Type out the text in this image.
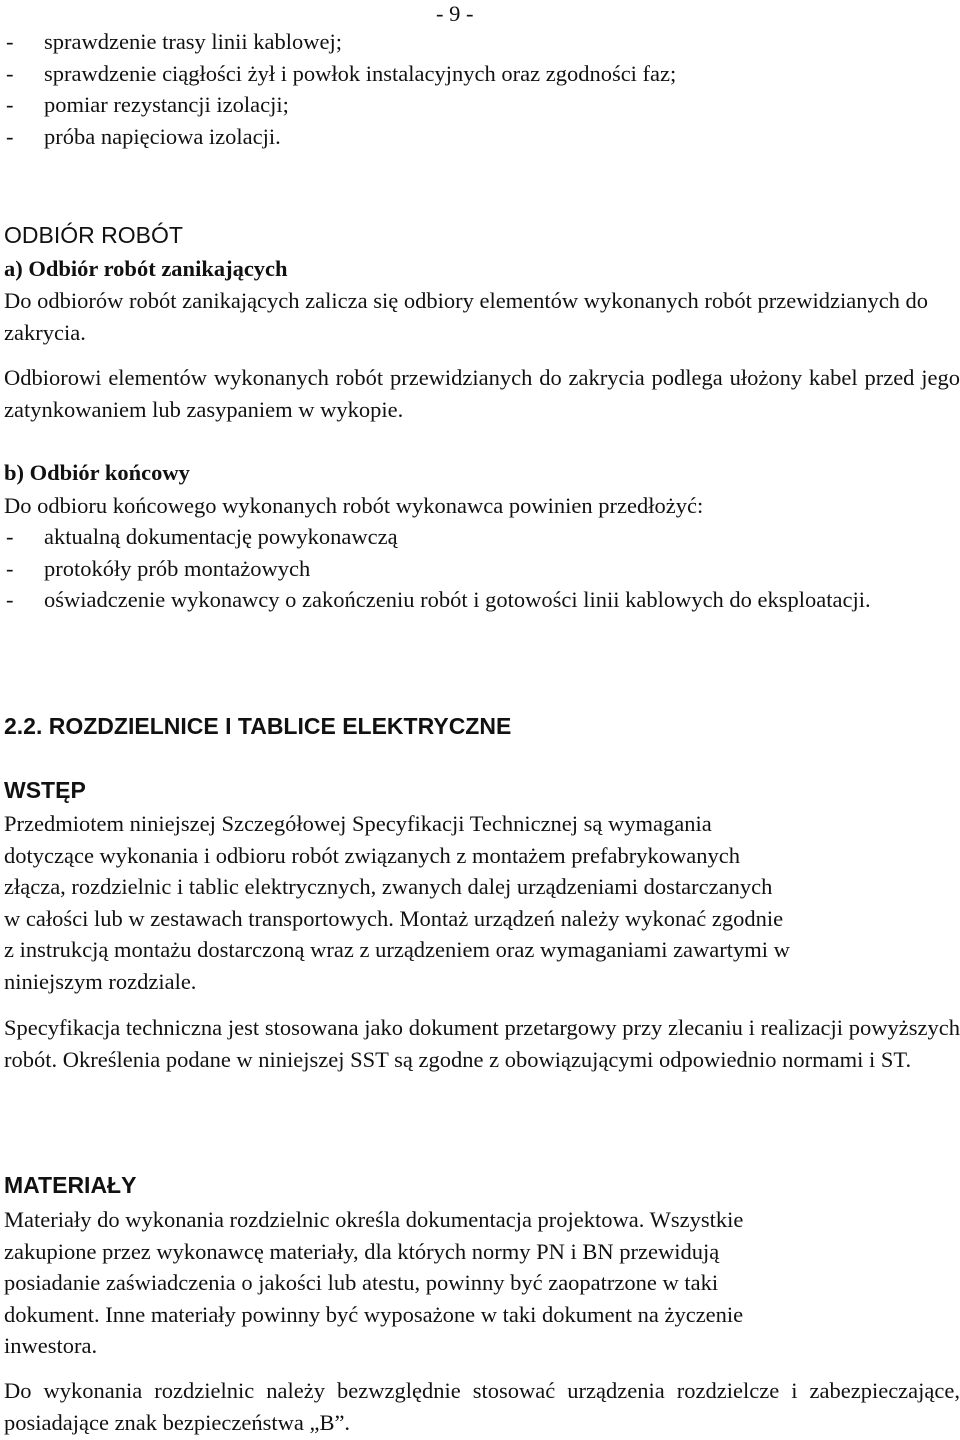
- 9 -
- sprawdzenie trasy linii kablowej;
- sprawdzenie ciągłości żył i powłok instalacyjnych oraz zgodności faz;
- pomiar rezystancji izolacji;
- próba napięciowa izolacji.
ODBIÓR ROBÓT
a) Odbiór robót zanikających

Do odbiorów robót zanikających zalicza się odbiory elementów wykonanych robót przewidzianych do zakrycia.

Odbiorowi elementów wykonanych robót przewidzianych do zakrycia podlega ułożony kabel przed jego zatynkowaniem lub zasypaniem w wykopie.

b) Odbiór końcowy

Do odbioru końcowego wykonanych robót wykonawca powinien przedłożyć:

- aktualną dokumentację powykonawczą
- protokóły prób montażowych
- oświadczenie wykonawcy o zakończeniu robót i gotowości linii kablowych do eksploatacji.
2.2. ROZDZIELNICE I TABLICE ELEKTRYCZNE
WSTĘP

Przedmiotem niniejszej Szczegółowej Specyfikacji Technicznej są wymagania

dotyczące wykonania i odbioru robót związanych z montażem prefabrykowanych

złącza, rozdzielnic i tablic elektrycznych, zwanych dalej urządzeniami dostarczanych

w całości lub w zestawach transportowych. Montaż urządzeń należy wykonać zgodnie

z instrukcją montażu dostarczoną wraz z urządzeniem oraz wymaganiami zawartymi w

niniejszym rozdziale.

Specyfikacja techniczna jest stosowana jako dokument przetargowy przy zlecaniu i realizacji powyższych robót. Określenia podane w niniejszej SST są zgodne z obowiązującymi odpowiednio normami i ST.

MATERIAŁY

Materiały do wykonania rozdzielnic określa dokumentacja projektowa. Wszystkie

zakupione przez wykonawcę materiały, dla których normy PN i BN przewidują

posiadanie zaświadczenia o jakości lub atestu, powinny być zaopatrzone w taki

dokument. Inne materiały powinny być wyposażone w taki dokument na życzenie

inwestora.

Do wykonania rozdzielnic należy bezwzględnie stosować urządzenia rozdzielcze i zabezpieczające, posiadające znak bezpieczeństwa „B”.
